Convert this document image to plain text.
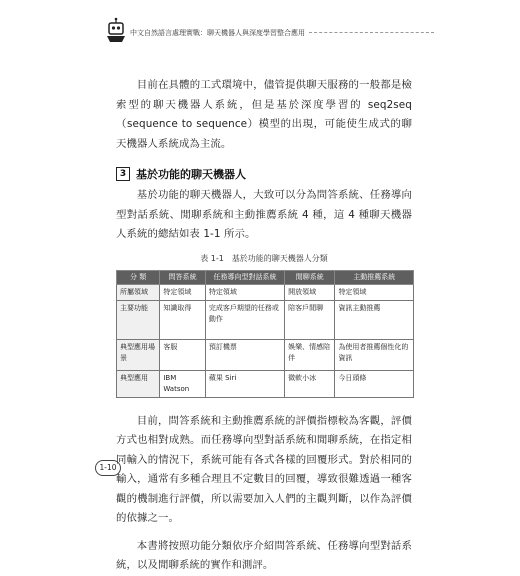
中文自然語言處理實戰：聊天機器人與深度學習整合應用

目前在具體的工式環境中，儘管提供聊天服務的一般都是檢索型的聊天機器人系統，但是基於深度學習的 seq2seq（sequence to sequence）模型的出現，可能使生成式的聊天機器人系統成為主流。

3 基於功能的聊天機器人

基於功能的聊天機器人，大致可以分為問答系統、任務導向型對話系統、閒聊系統和主動推薦系統 4 種，這 4 種聊天機器人系統的總結如表 1-1 所示。

表 1-1　基於功能的聊天機器人分類
分 類	問答系統	任務導向型對話系統	閒聊系統	主動推薦系統
所屬領域	特定領域	特定領域	開放領域	特定領域
主要功能	知識取得	完成客戶期望的任務或動作	陪客戶閒聊	資訊主動推薦
典型應用場景	客服	預訂機票	娛樂、情感陪伴	為使用者推薦個性化的資訊
典型應用	IBM Watson	蘋果 Siri	微軟小冰	今日頭條

目前，問答系統和主動推薦系統的評價指標較為客觀，評價方式也相對成熟。而任務導向型對話系統和閒聊系統，在指定相同輸入的情況下，系統可能有各式各樣的回覆形式。對於相同的輸入，通常有多種合理且不定數目的回覆，導致很難透過一種客觀的機制進行評價，所以需要加入人們的主觀判斷，以作為評價的依據之一。

本書將按照功能分類依序介紹問答系統、任務導向型對話系統，以及閒聊系統的實作和測評。

1-10
